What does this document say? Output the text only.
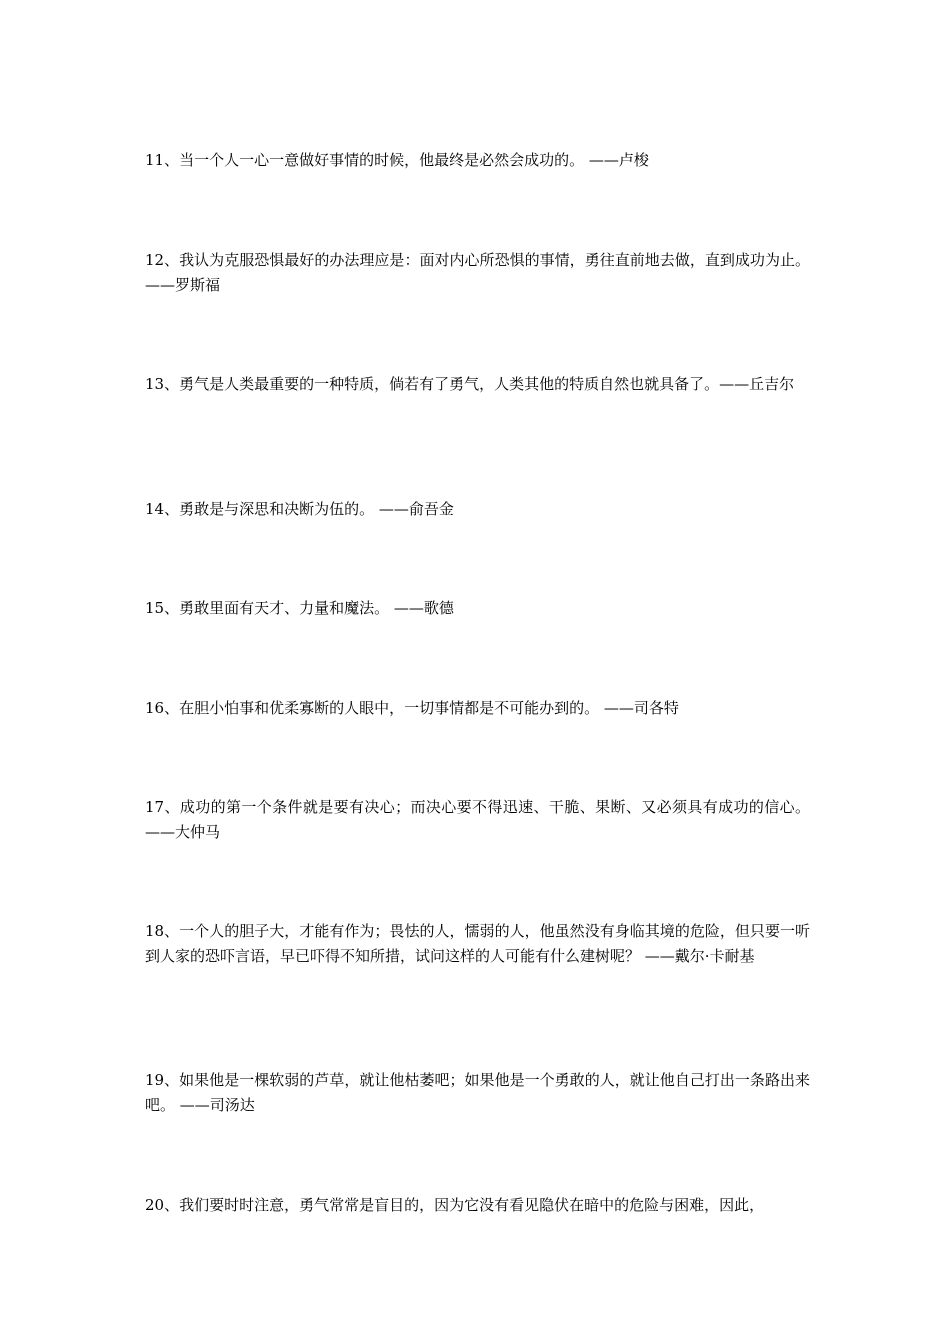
11、当一个人一心一意做好事情的时候，他最终是必然会成功的。 ——卢梭

12、我认为克服恐惧最好的办法理应是：面对内心所恐惧的事情，勇往直前地去做，直到成功为止。 ——罗斯福

13、勇气是人类最重要的一种特质，倘若有了勇气，人类其他的特质自然也就具备了。——丘吉尔

14、勇敢是与深思和决断为伍的。 ——俞吾金

15、勇敢里面有天才、力量和魔法。 ——歌德

16、在胆小怕事和优柔寡断的人眼中，一切事情都是不可能办到的。 ——司各特

17、成功的第一个条件就是要有决心；而决心要不得迅速、干脆、果断、又必须具有成功的信心。 ——大仲马

18、一个人的胆子大，才能有作为；畏怯的人，懦弱的人，他虽然没有身临其境的危险，但只要一听到人家的恐吓言语，早已吓得不知所措，试问这样的人可能有什么建树呢？ ——戴尔·卡耐基

19、如果他是一棵软弱的芦草，就让他枯萎吧；如果他是一个勇敢的人，就让他自己打出一条路出来吧。 ——司汤达

20、我们要时时注意，勇气常常是盲目的，因为它没有看见隐伏在暗中的危险与困难，因此，
